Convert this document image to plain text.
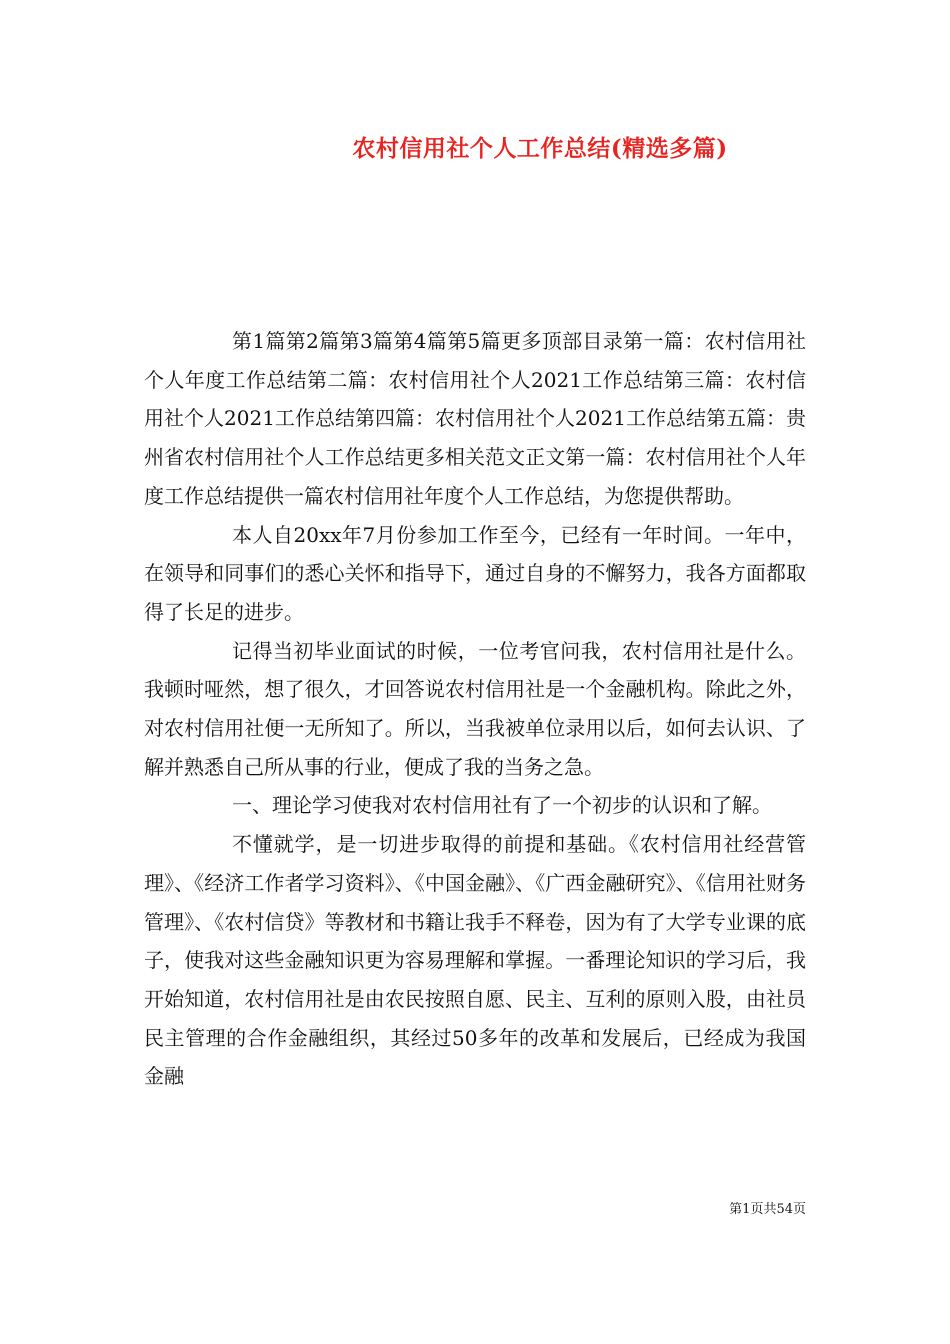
农村信用社个人工作总结(精选多篇)

第1篇第2篇第3篇第4篇第5篇更多顶部目录第一篇：农村信用社个人年度工作总结第二篇：农村信用社个人2021工作总结第三篇：农村信用社个人2021工作总结第四篇：农村信用社个人2021工作总结第五篇：贵州省农村信用社个人工作总结更多相关范文正文第一篇：农村信用社个人年度工作总结提供一篇农村信用社年度个人工作总结，为您提供帮助。

本人自20xx年7月份参加工作至今，已经有一年时间。一年中，在领导和同事们的悉心关怀和指导下，通过自身的不懈努力，我各方面都取得了长足的进步。

记得当初毕业面试的时候，一位考官问我，农村信用社是什么。我顿时哑然，想了很久，才回答说农村信用社是一个金融机构。除此之外，对农村信用社便一无所知了。所以，当我被单位录用以后，如何去认识、了解并熟悉自己所从事的行业，便成了我的当务之急。

一、理论学习使我对农村信用社有了一个初步的认识和了解。

不懂就学，是一切进步取得的前提和基础。《农村信用社经营管理》、《经济工作者学习资料》、《中国金融》、《广西金融研究》、《信用社财务管理》、《农村信贷》等教材和书籍让我手不释卷，因为有了大学专业课的底子，使我对这些金融知识更为容易理解和掌握。一番理论知识的学习后，我开始知道，农村信用社是由农民按照自愿、民主、互利的原则入股，由社员民主管理的合作金融组织，其经过50多年的改革和发展后，已经成为我国金融

第1页共54页
